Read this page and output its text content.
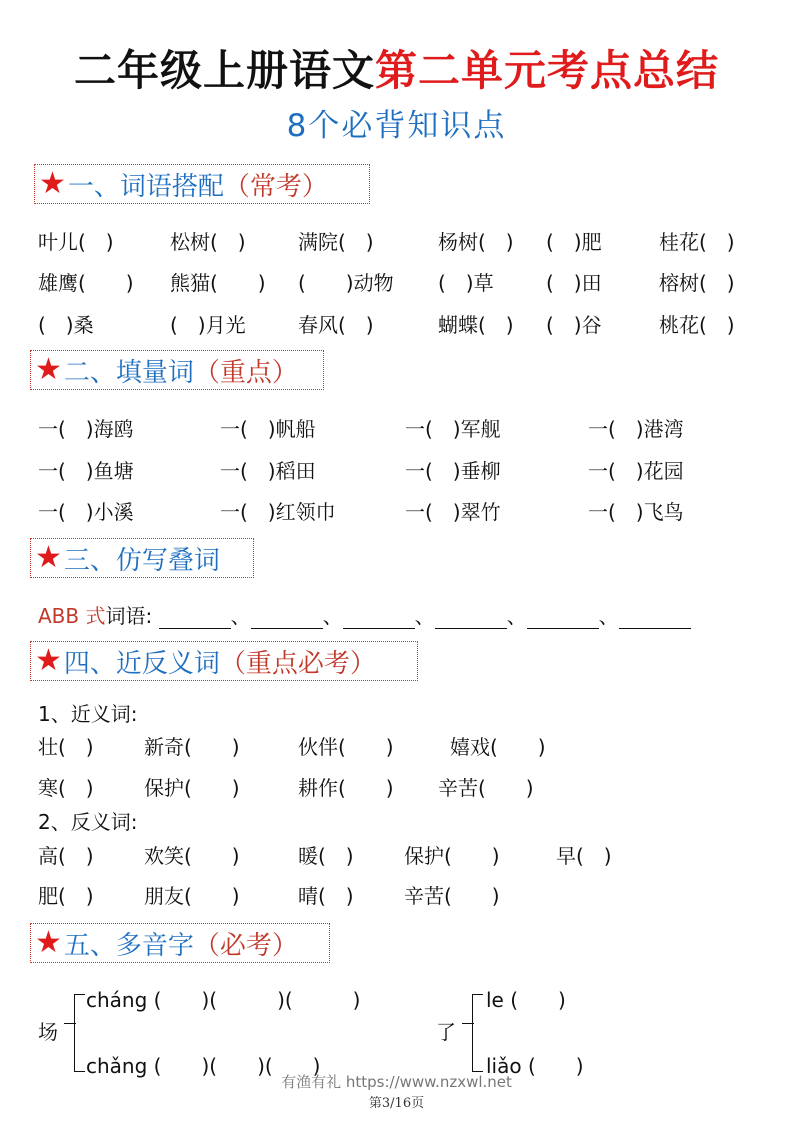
二年级上册语文第二单元考点总结
8个必背知识点
★ 一、词语搭配 （常考）
叶儿(　)	松树(　)	满院(　)	杨树(　) (　)肥	桂花(　)
雄鹰(　　) 熊猫(　　) (　　)动物 (　)草	(　)田	榕树(　)
(　)桑	(　)月光	春风(　)	蝴蝶(　) (　)谷	桃花(　)
★ 二、填量词 （重点）
一(　)海鸥	一(　)帆船	一(　)军舰	一(　)港湾
一(　)鱼塘	一(　)稻田	一(　)垂柳	一(　)花园
一(　)小溪	一(　)红领巾	一(　)翠竹	一(　)飞鸟
★ 三、仿写叠词
ABB 式词语:	、	、	、	、	、
★ 四、近反义词 （重点必考）
1、近义词:
壮(　)	新奇(　　)	伙伴(　　)	嬉戏(　　)
寒(　)	保护(　　)	耕作(　　) 辛苦(　　)
2、反义词:
高(　)	欢笑(　　)	暖(　)	保护(　　)	早(　)
肥(　)	朋友(　　)	晴(　)	辛苦(　　)
★ 五、多音字 （必考）
场
cháng (　　)(　　　)(　　　)
chǎng (　　)(　　)(　　)
了
le (　　)
liǎo (　　)
有渔有礼 https://www.nzxwl.net
第3/16页
